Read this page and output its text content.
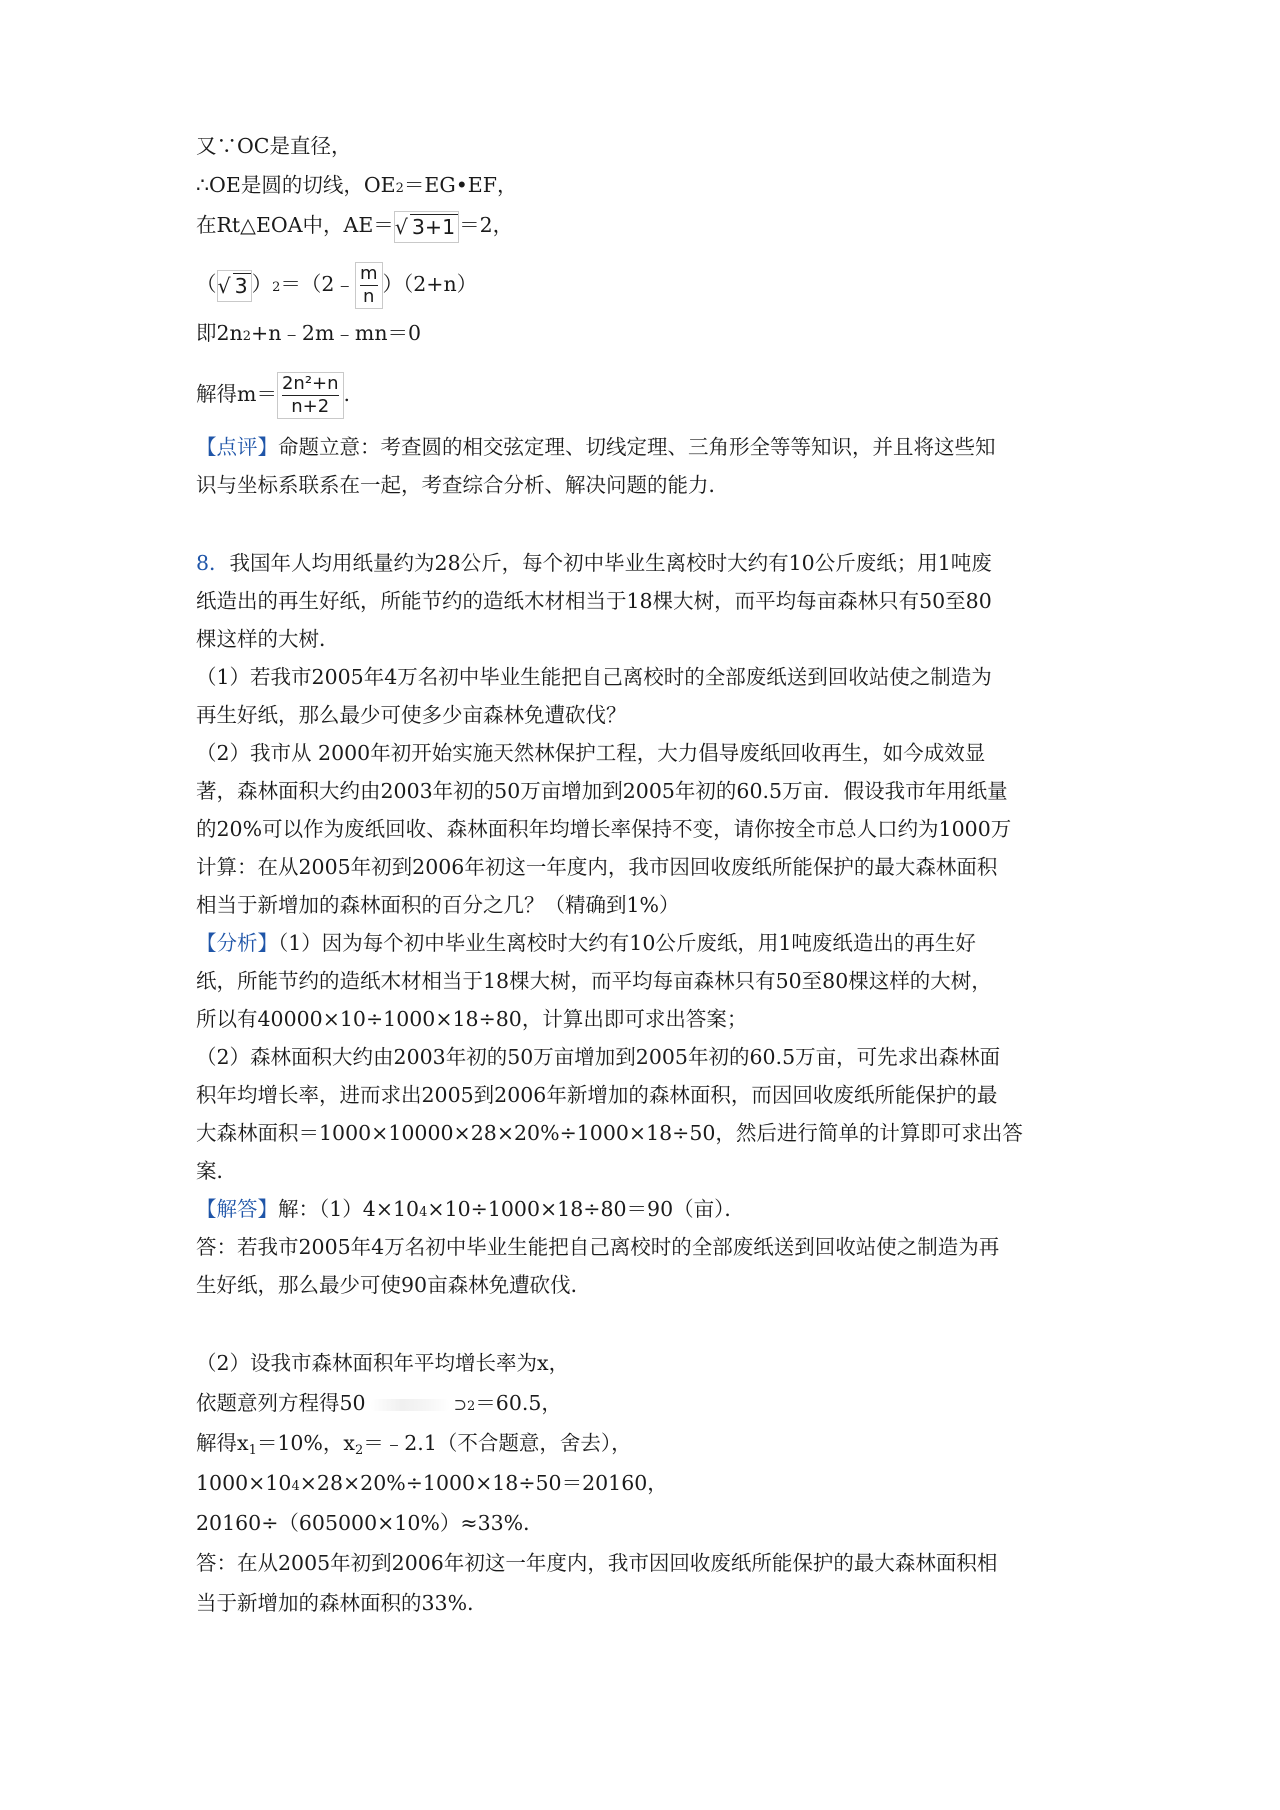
又∵OC是直径，
∴OE是圆的切线，OE2＝EG•EF，
在Rt△EOA中，AE＝√ 3+1 ＝2，
（√ 3 ）2＝（2﹣ $\frac{m}{n} )(2+n)$
即2n2+n﹣2m﹣mn＝0
解得$m= \frac{\text{2n²+n}}{n+2}$ .
【点评】命题立意：考查圆的相交弦定理、切线定理、三角形全等等知识，并且将这些知
识与坐标系联系在一起，考查综合分析、解决问题的能力．
8．我国年人均用纸量约为28公斤，每个初中毕业生离校时大约有10公斤废纸；用1吨废
纸造出的再生好纸，所能节约的造纸木材相当于18棵大树，而平均每亩森林只有50至80
棵这样的大树．
（1）若我市2005年4万名初中毕业生能把自己离校时的全部废纸送到回收站使之制造为
再生好纸，那么最少可使多少亩森林免遭砍伐？
（2）我市从 2000年初开始实施天然林保护工程，大力倡导废纸回收再生，如今成效显
著，森林面积大约由2003年初的50万亩增加到2005年初的60.5万亩．假设我市年用纸量
的20%可以作为废纸回收、森林面积年均增长率保持不变，请你按全市总人口约为1000万
计算：在从2005年初到2006年初这一年度内，我市因回收废纸所能保护的最大森林面积
相当于新增加的森林面积的百分之几？（精确到1%）
【分析】（1）因为每个初中毕业生离校时大约有10公斤废纸，用1吨废纸造出的再生好
纸，所能节约的造纸木材相当于18棵大树，而平均每亩森林只有50至80棵这样的大树，
所以有40000×10÷1000×18÷80，计算出即可求出答案；
（2）森林面积大约由2003年初的50万亩增加到2005年初的60.5万亩，可先求出森林面
积年均增长率，进而求出2005到2006年新增加的森林面积，而因回收废纸所能保护的最
大森林面积＝1000×10000×28×20%÷1000×18÷50，然后进行简单的计算即可求出答
案．
【解答】解：（1）4×104×10÷1000×18÷80＝90（亩）．
答：若我市2005年4万名初中毕业生能把自己离校时的全部废纸送到回收站使之制造为再
生好纸，那么最少可使90亩森林免遭砍伐．
（2）设我市森林面积年平均增长率为x，
依题意列方程得50	⊃2＝60.5，
解得$x_1=10\%$，$x_2=﹣2.1$（不合题意，舍去），
1000×104×28×20%÷1000×18÷50＝20160，
20160÷（605000×10%）≈33%．
答：在从2005年初到2006年初这一年度内，我市因回收废纸所能保护的最大森林面积相
当于新增加的森林面积的33%．
